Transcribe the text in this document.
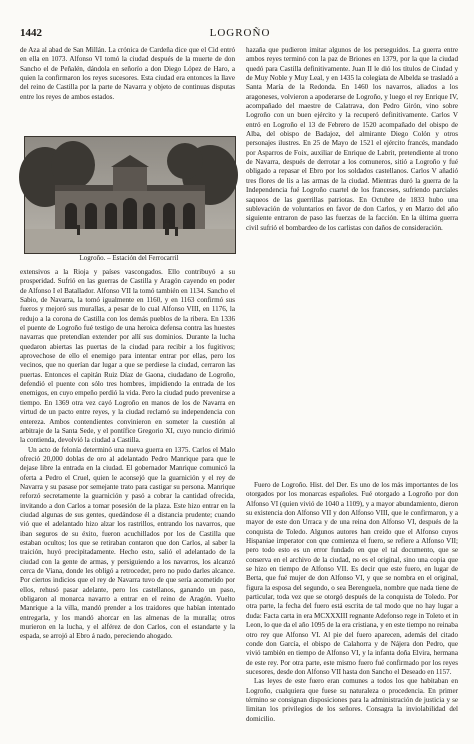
1442	LOGROÑO

de Aza al abad de San Millán. La crónica de Cardeña dice que el Cid entró en ella en 1073. Alfonso VI tomó la ciudad después de la muerte de don Sancho el de Peñalén, dándola en señorío a don Diego López de Haro, a quien la confirmaron los reyes sucesores. Esta ciudad era entonces la llave del reino de Castilla por la parte de Navarra y objeto de continuas disputas entre los reyes de ambos estados.

Logroño. – Estación del Ferrocarril

extensivos a la Rioja y países vascongados. Ello contribuyó a su prosperidad. Sufrió en las guerras de Castilla y Aragón cayendo en poder de Alfonso I el Batallador. Alfonso VII la tomó también en 1134. Sancho el Sabio, de Navarra, la tomó igualmente en 1160, y en 1163 confirmó sus fueros y mejoró sus murallas, a pesar de lo cual Alfonso VIII, en 1176, la redujo a la corona de Castilla con los demás pueblos de la ribera. En 1336 el puente de Logroño fué testigo de una heroica defensa contra las huestes navarras que pretendían extender por allí sus dominios. Durante la lucha quedaron abiertas las puertas de la ciudad para recibir a los fugitivos; aprovechose de ello el enemigo para intentar entrar por ellas, pero los vecinos, que no querían dar lugar a que se perdiese la ciudad, cerraron las puertas. Entonces el capitán Ruiz Díaz de Gaona, ciudadano de Logroño, defendió el puente con sólo tres hombres, impidiendo la entrada de los enemigos, en cuyo empeño perdió la vida. Pero la ciudad pudo prevenirse a tiempo. En 1369 otra vez cayó Logroño en manos de los de Navarra en virtud de un pacto entre reyes, y la ciudad reclamó su independencia con entereza. Ambos contendientes convinieron en someter la cuestión al arbitraje de la Santa Sede, y el pontífice Gregorio XI, cuyo nuncio dirimió la contienda, devolvió la ciudad a Castilla.

Un acto de felonía determinó una nueva guerra en 1375. Carlos el Malo ofreció 20,000 doblas de oro al adelantado Pedro Manrique para que le dejase libre la entrada en la ciudad. El gobernador Manrique comunicó la oferta a Pedro el Cruel, quien le aconsejó que la guarnición y el rey de Navarra y su pasase por semejante trato para castigar su persona. Manrique reforzó secretamente la guarnición y pasó a cobrar la cantidad ofrecida, invitando a don Carlos a tomar posesión de la plaza. Este hizo entrar en la ciudad algunas de sus gentes, quedándose él a distancia prudente; cuando vió que el adelantado hizo alzar los rastrillos, entrando los navarros, que iban seguros de su éxito, fueron acuchillados por los de Castilla que estaban ocultos; los que se retiraban contaron que don Carlos, al saber la traición, huyó precipitadamente. Hecho esto, salió el adelantado de la ciudad con la gente de armas, y persiguiendo a los navarros, los alcanzó cerca de Viana, donde les obligó a retroceder, pero no pudo darles alcance. Por ciertos indicios que el rey de Navarra tuvo de que sería acometido por ellos, rehusó pasar adelante, pero los castellanos, ganando un paso, obligaron al monarca navarro a entrar en el reino de Aragón. Vuelto Manrique a la villa, mandó prender a los traidores que habían intentado entregarla, y los mandó ahorcar en las almenas de la muralla; otros murieron en la lucha, y el alférez de don Carlos, con el estandarte y la espada, se arrojó al Ebro á nado, pereciendo ahogado.

hazaña que pudieron imitar algunos de los perseguidos. La guerra entre ambos reyes terminó con la paz de Briones en 1379, por la que la ciudad quedó para Castilla definitivamente. Juan II le dió los títulos de Ciudad y de Muy Noble y Muy Leal, y en 1435 la colegiata de Albelda se trasladó a Santa María de la Redonda. En 1460 los navarros, aliados a los aragoneses, volvieron a apoderarse de Logroño, y luego el rey Enrique IV, acompañado del maestre de Calatrava, don Pedro Girón, vino sobre Logroño con un buen ejército y la recuperó definitivamente. Carlos V entró en Logroño el 13 de Febrero de 1520 acompañado del obispo de Alba, del obispo de Badajoz, del almirante Diego Colón y otros personajes ilustres. En 25 de Mayo de 1521 el ejército francés, mandado por Asparros de Foix, auxiliar de Enrique de Labrit, pretendiente al trono de Navarra, después de derrotar a los comuneros, sitió a Logroño y fué obligado a repasar el Ebro por los soldados castellanos. Carlos V añadió tres flores de lis a las armas de la ciudad. Mientras duró la guerra de la Independencia fué Logroño cuartel de los franceses, sufriendo parciales saqueos de las guerrillas patriotas. En Octubre de 1833 hubo una sublevación de voluntarios en favor de don Carlos, y en Marzo del año siguiente entraron de paso las fuerzas de la facción. En la última guerra civil sufrió el bombardeo de los carlistas con daños de consideración.

Fuero de Logroño. Hist. del Der. Es uno de los más importantes de los otorgados por los monarcas españoles. Fué otorgado a Logroño por don Alfonso VI (quien vivió de 1040 a 1109), y a mayor abundamiento, dieron su existencia don Alfonso VII y don Alfonso VIII, que le confirmaron, y a mayor de este don Urraca y de una reina don Alfonso VI, después de la conquista de Toledo. Algunos autores han creído que el Alfonso cuyos Hispaniae imperator con que comienza el fuero, se refiere a Alfonso VII; pero todo esto es un error fundado en que el tal documento, que se conserva en el archivo de la ciudad, no es el original, sino una copia que se hizo en tiempo de Alfonso VII. Es decir que este fuero, en lugar de Berta, que fué mujer de don Alfonso VI, y que se nombra en el original, figura la esposa del segundo, o sea Berenguela, nombre que nada tiene de particular, toda vez que se otorgó después de la conquista de Toledo. Por otra parte, la fecha del fuero está escrita de tal modo que no hay lugar a duda: Facta carta in era MCXXXIII regnante Adefonso rege in Toleto et in Leon, lo que da el año 1095 de la era cristiana, y en este tiempo no reinaba otro rey que Alfonso VI. Al pie del fuero aparecen, además del citado conde don García, el obispo de Calahorra y de Nájera don Pedro, que vivió también en tiempo de Alfonso VI, y la infanta doña Elvira, hermana de este rey. Por otra parte, este mismo fuero fué confirmado por los reyes sucesores, desde don Alfonso VII hasta don Sancho el Deseado en 1157.

Las leyes de este fuero eran comunes a todos los que habitaban en Logroño, cualquiera que fuese su naturaleza o procedencia. En primer término se consignan disposiciones para la administración de justicia y se limitan los privilegios de los señores. Consagra la inviolabilidad del domicilio.
